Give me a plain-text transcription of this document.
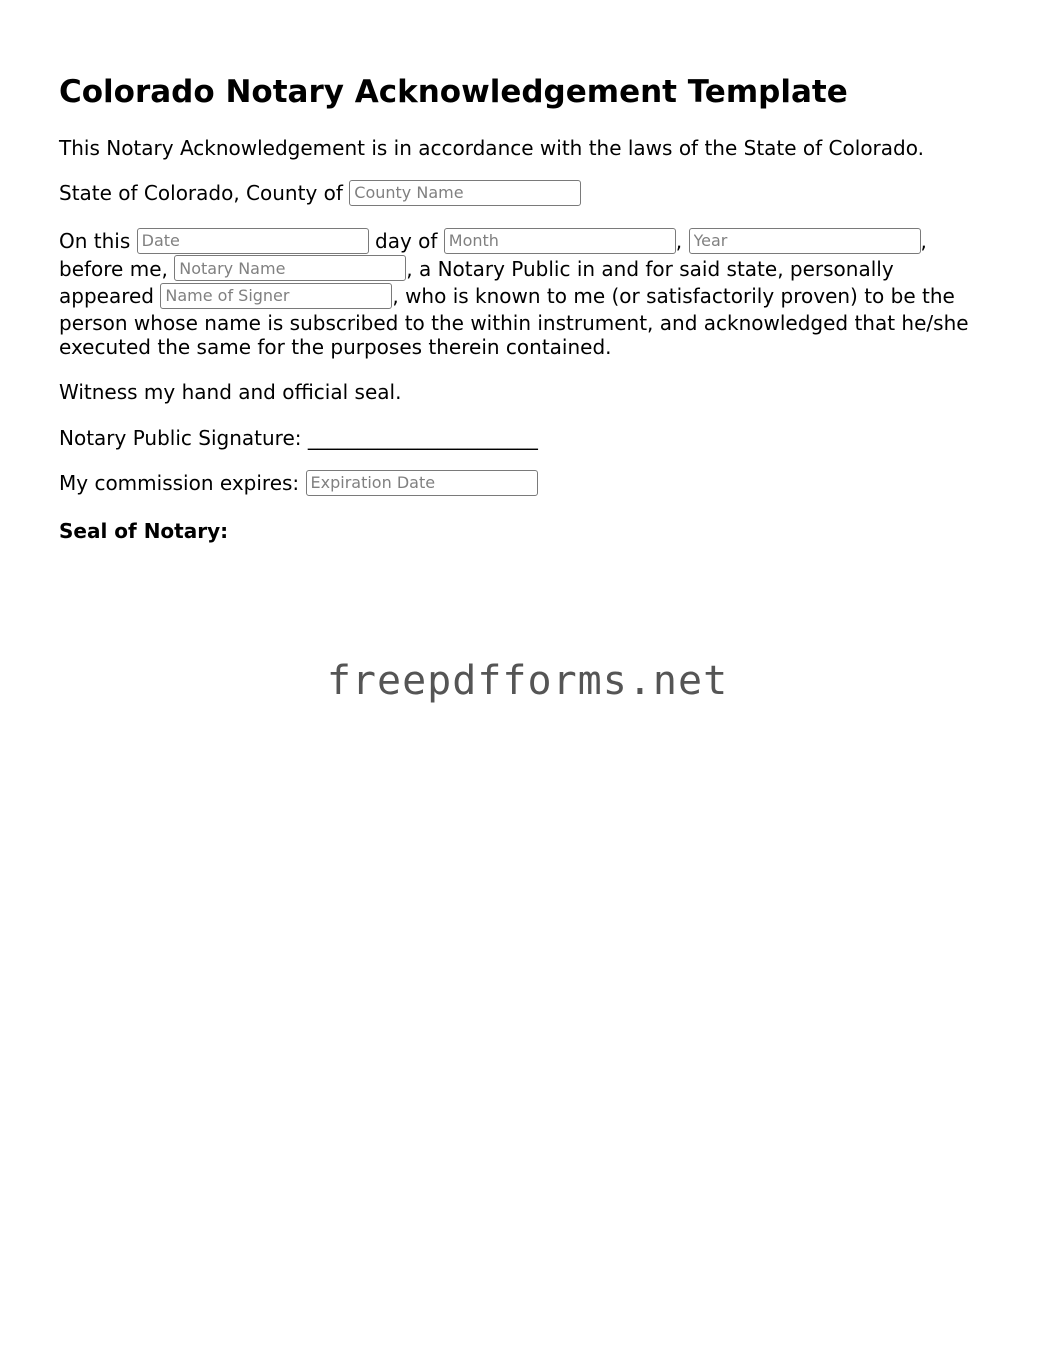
Colorado Notary Acknowledgement Template

This Notary Acknowledgement is in accordance with the laws of the State of Colorado.

State of Colorado, County of County Name

On this Date	day of Month	, Year	,
before me, Notary Name	, a Notary Public in and for said state, personally
appeared Name of Signer	, who is known to me (or satisfactorily proven) to be the
person whose name is subscribed to the within instrument, and acknowledged that he/she
executed the same for the purposes therein contained.

Witness my hand and official seal.

Notary Public Signature: _______________________

My commission expires: Expiration Date

Seal of Notary:

freepdfforms.net
